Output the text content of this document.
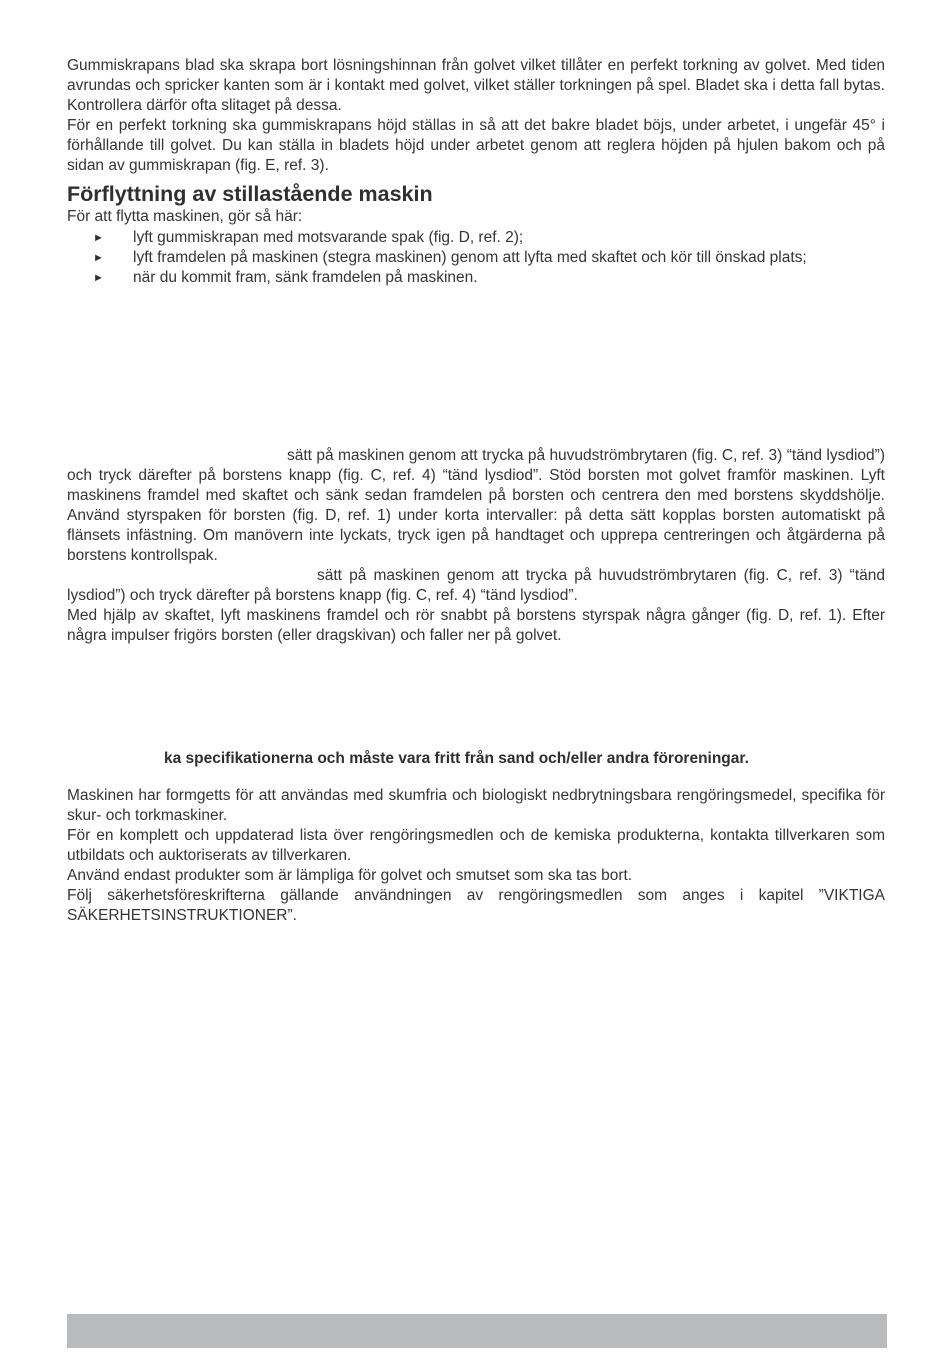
Gummiskrapans blad ska skrapa bort lösningshinnan från golvet vilket tillåter en perfekt torkning av golvet. Med tiden avrundas och spricker kanten som är i kontakt med golvet, vilket ställer torkningen på spel. Bladet ska i detta fall bytas. Kontrollera därför ofta slitaget på dessa.

För en perfekt torkning ska gummiskrapans höjd ställas in så att det bakre bladet böjs, under arbetet, i ungefär 45° i förhållande till golvet. Du kan ställa in bladets höjd under arbetet genom att reglera höjden på hjulen bakom och på sidan av gummiskrapan (fig. E, ref. 3).

Förflyttning av stillastående maskin
För att flytta maskinen, gör så här:
►	lyft gummiskrapan med motsvarande spak (fig. D, ref. 2);
►	lyft framdelen på maskinen (stegra maskinen) genom att lyfta med skaftet och kör till önskad plats;
►	när du kommit fram, sänk framdelen på maskinen.
sätt på maskinen genom att trycka på huvudströmbrytaren (fig. C, ref. 3) “tänd lysdiod”) och tryck därefter på borstens knapp (fig. C, ref. 4) “tänd lysdiod”. Stöd borsten mot golvet framför maskinen. Lyft maskinens framdel med skaftet och sänk sedan framdelen på borsten och centrera den med borstens skyddshölje. Använd styrspaken för borsten (fig. D, ref. 1) under korta intervaller: på detta sätt kopplas borsten automatiskt på flänsets infästning. Om manövern inte lyckats, tryck igen på handtaget och upprepa centreringen och åtgärderna på borstens kontrollspak.
sätt på maskinen genom att trycka på huvudströmbrytaren (fig. C, ref. 3) “tänd lysdiod”) och tryck därefter på borstens knapp (fig. C, ref. 4) “tänd lysdiod”.
Med hjälp av skaftet, lyft maskinens framdel och rör snabbt på borstens styrspak några gånger (fig. D, ref. 1). Efter några impulser frigörs borsten (eller dragskivan) och faller ner på golvet.
ka specifikationerna och måste vara fritt från sand och/eller andra föroreningar.

Maskinen har formgetts för att användas med skumfria och biologiskt nedbrytningsbara rengöringsmedel, specifika för skur- och torkmaskiner.

För en komplett och uppdaterad lista över rengöringsmedlen och de kemiska produkterna, kontakta tillverkaren som utbildats och auktoriserats av tillverkaren.

Använd endast produkter som är lämpliga för golvet och smutset som ska tas bort.

Följ säkerhetsföreskrifterna gällande användningen av rengöringsmedlen som anges i kapitel ”VIKTIGA SÄKERHETSINSTRUKTIONER”.
